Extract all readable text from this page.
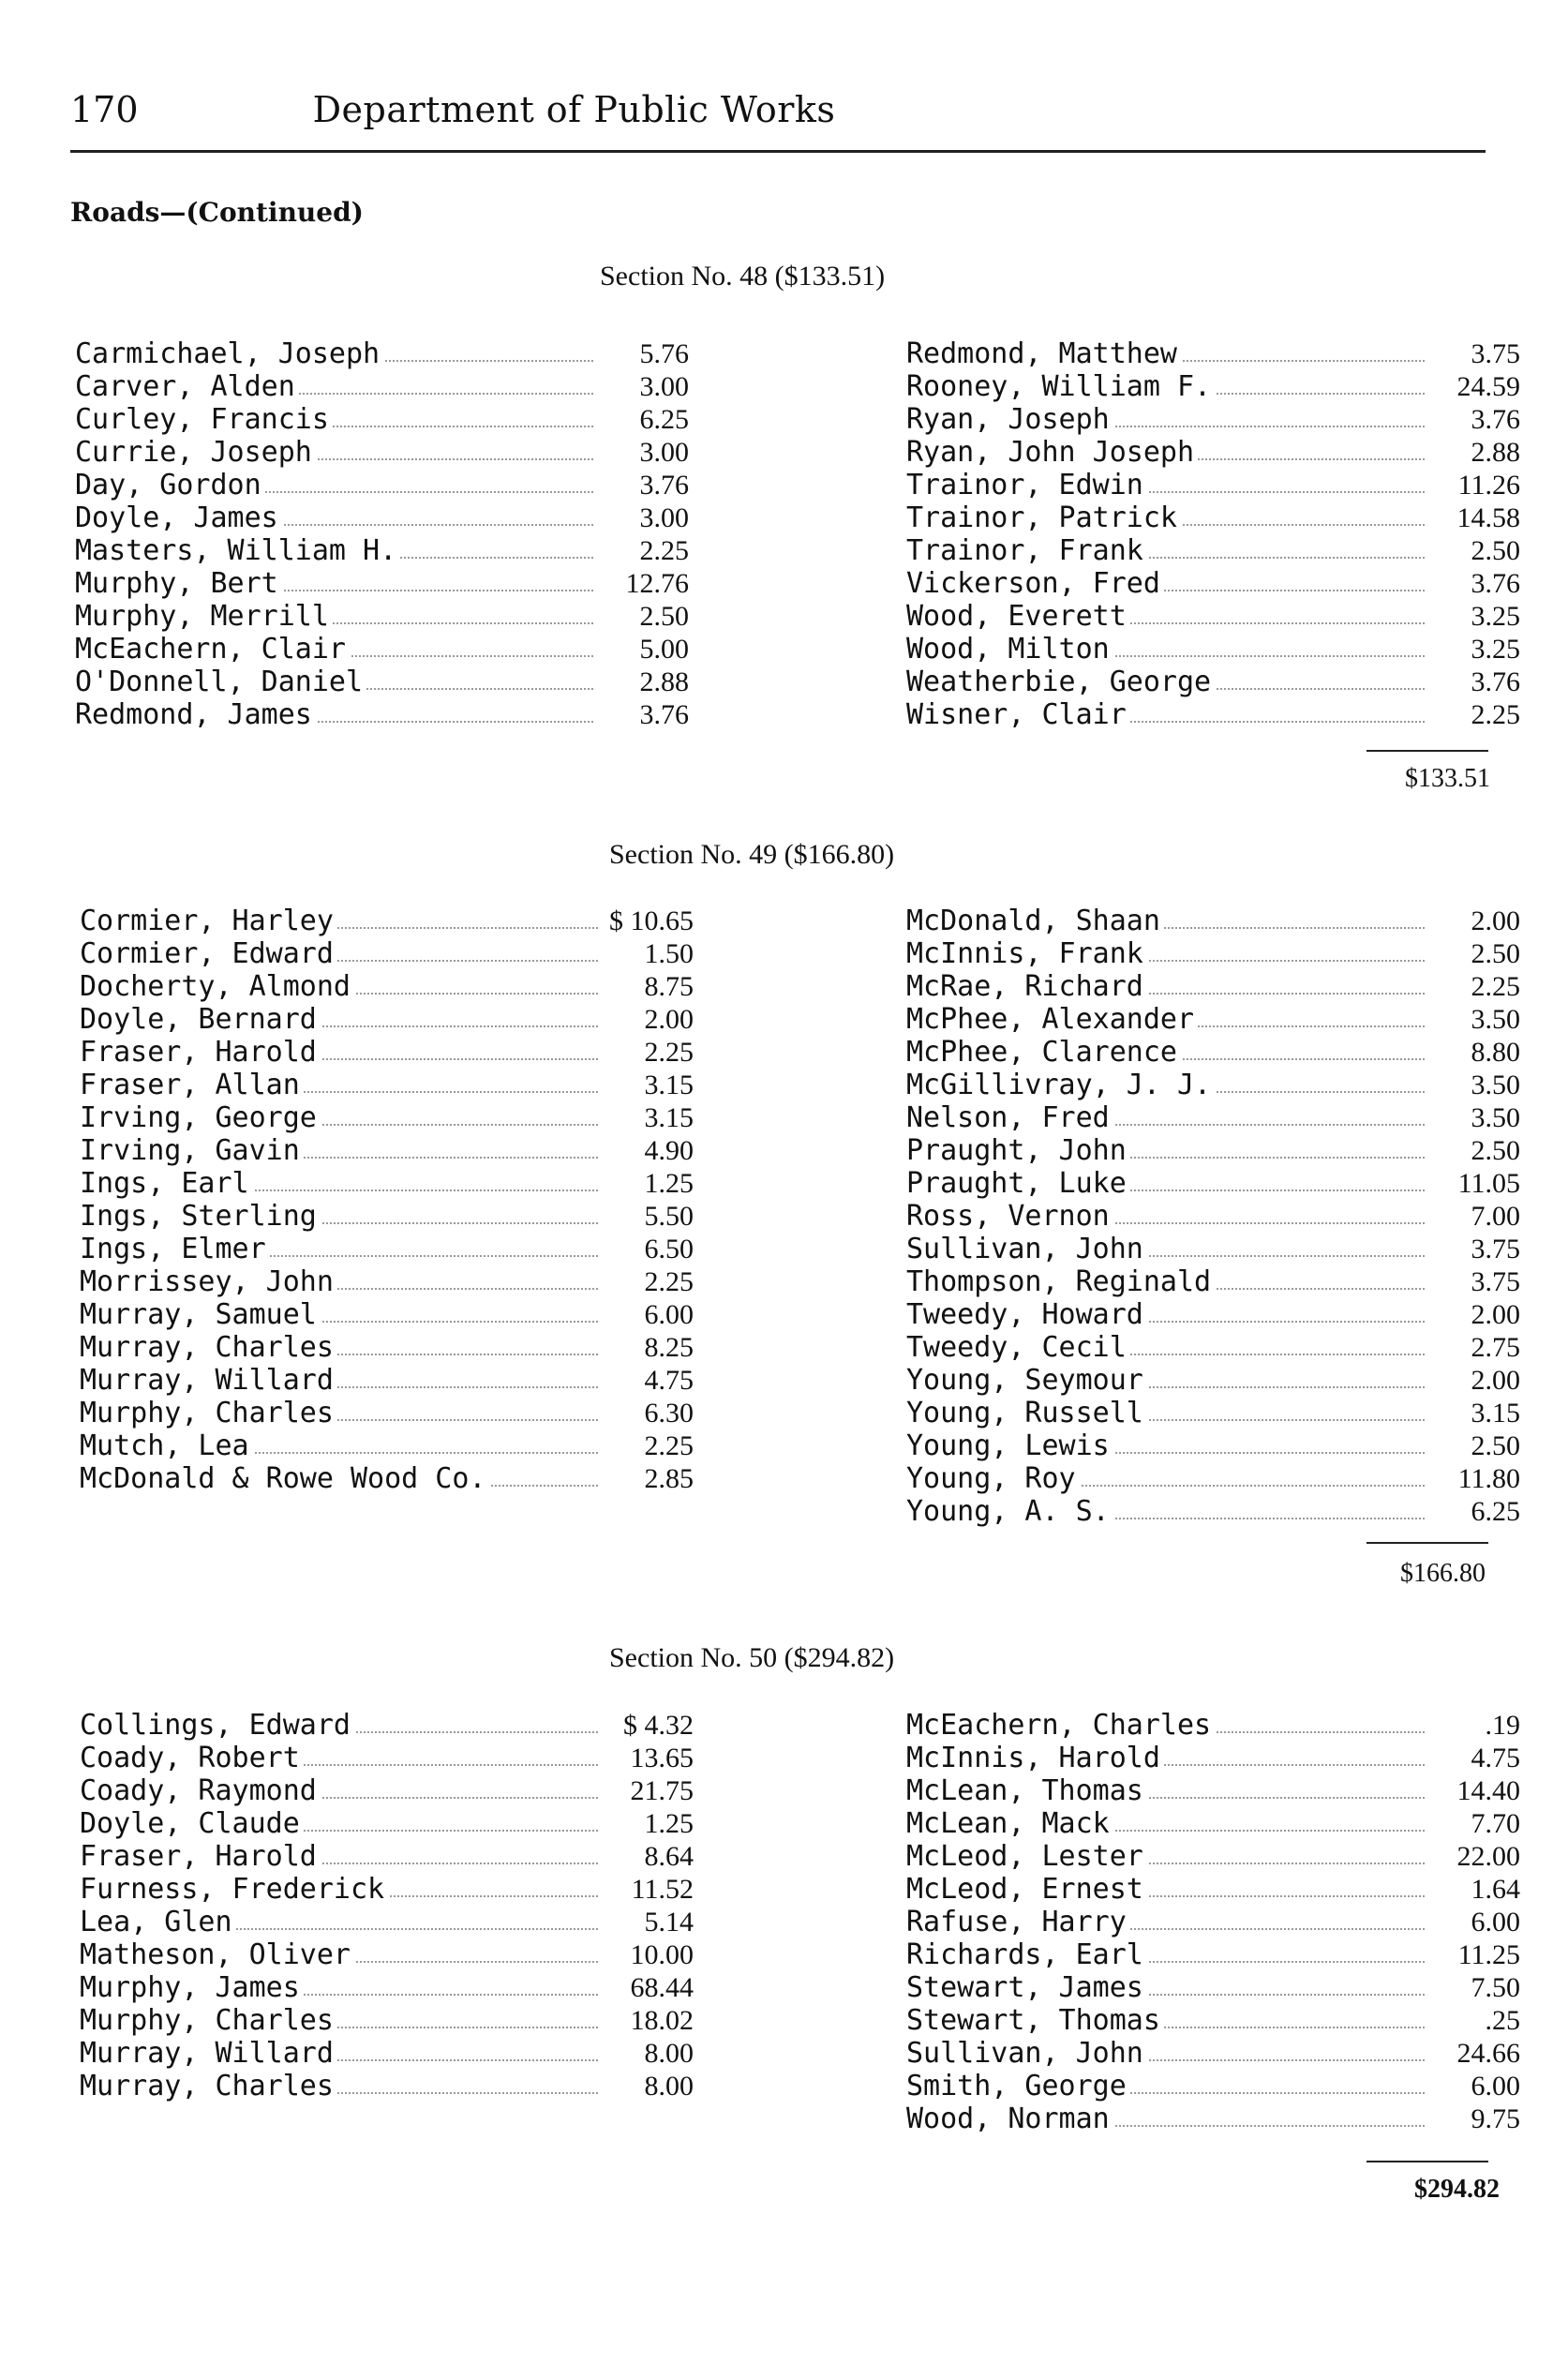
170	Department of Public Works
Roads—(Continued)
Section No. 48 ($133.51)
Carmichael, Joseph	5.76
Carver, Alden	3.00
Curley, Francis	6.25
Currie, Joseph	3.00
Day, Gordon	3.76
Doyle, James	3.00
Masters, William H.	2.25
Murphy, Bert	12.76
Murphy, Merrill	2.50
McEachern, Clair	5.00
O'Donnell, Daniel	2.88
Redmond, James	3.76
Redmond, Matthew	3.75
Rooney, William F.	24.59
Ryan, Joseph	3.76
Ryan, John Joseph	2.88
Trainor, Edwin	11.26
Trainor, Patrick	14.58
Trainor, Frank	2.50
Vickerson, Fred	3.76
Wood, Everett	3.25
Wood, Milton	3.25
Weatherbie, George	3.76
Wisner, Clair	2.25
$133.51
Section No. 49 ($166.80)
Cormier, Harley	$ 10.65
Cormier, Edward	1.50
Docherty, Almond	8.75
Doyle, Bernard	2.00
Fraser, Harold	2.25
Fraser, Allan	3.15
Irving, George	3.15
Irving, Gavin	4.90
Ings, Earl	1.25
Ings, Sterling	5.50
Ings, Elmer	6.50
Morrissey, John	2.25
Murray, Samuel	6.00
Murray, Charles	8.25
Murray, Willard	4.75
Murphy, Charles	6.30
Mutch, Lea	2.25
McDonald & Rowe Wood Co.	2.85
McDonald, Shaan	2.00
McInnis, Frank	2.50
McRae, Richard	2.25
McPhee, Alexander	3.50
McPhee, Clarence	8.80
McGillivray, J. J.	3.50
Nelson, Fred	3.50
Praught, John	2.50
Praught, Luke	11.05
Ross, Vernon	7.00
Sullivan, John	3.75
Thompson, Reginald	3.75
Tweedy, Howard	2.00
Tweedy, Cecil	2.75
Young, Seymour	2.00
Young, Russell	3.15
Young, Lewis	2.50
Young, Roy	11.80
Young, A. S.	6.25
$166.80
Section No. 50 ($294.82)
Collings, Edward	$ 4.32
Coady, Robert	13.65
Coady, Raymond	21.75
Doyle, Claude	1.25
Fraser, Harold	8.64
Furness, Frederick	11.52
Lea, Glen	5.14
Matheson, Oliver	10.00
Murphy, James	68.44
Murphy, Charles	18.02
Murray, Willard	8.00
Murray, Charles	8.00
McEachern, Charles	.19
McInnis, Harold	4.75
McLean, Thomas	14.40
McLean, Mack	7.70
McLeod, Lester	22.00
McLeod, Ernest	1.64
Rafuse, Harry	6.00
Richards, Earl	11.25
Stewart, James	7.50
Stewart, Thomas	.25
Sullivan, John	24.66
Smith, George	6.00
Wood, Norman	9.75
$294.82
